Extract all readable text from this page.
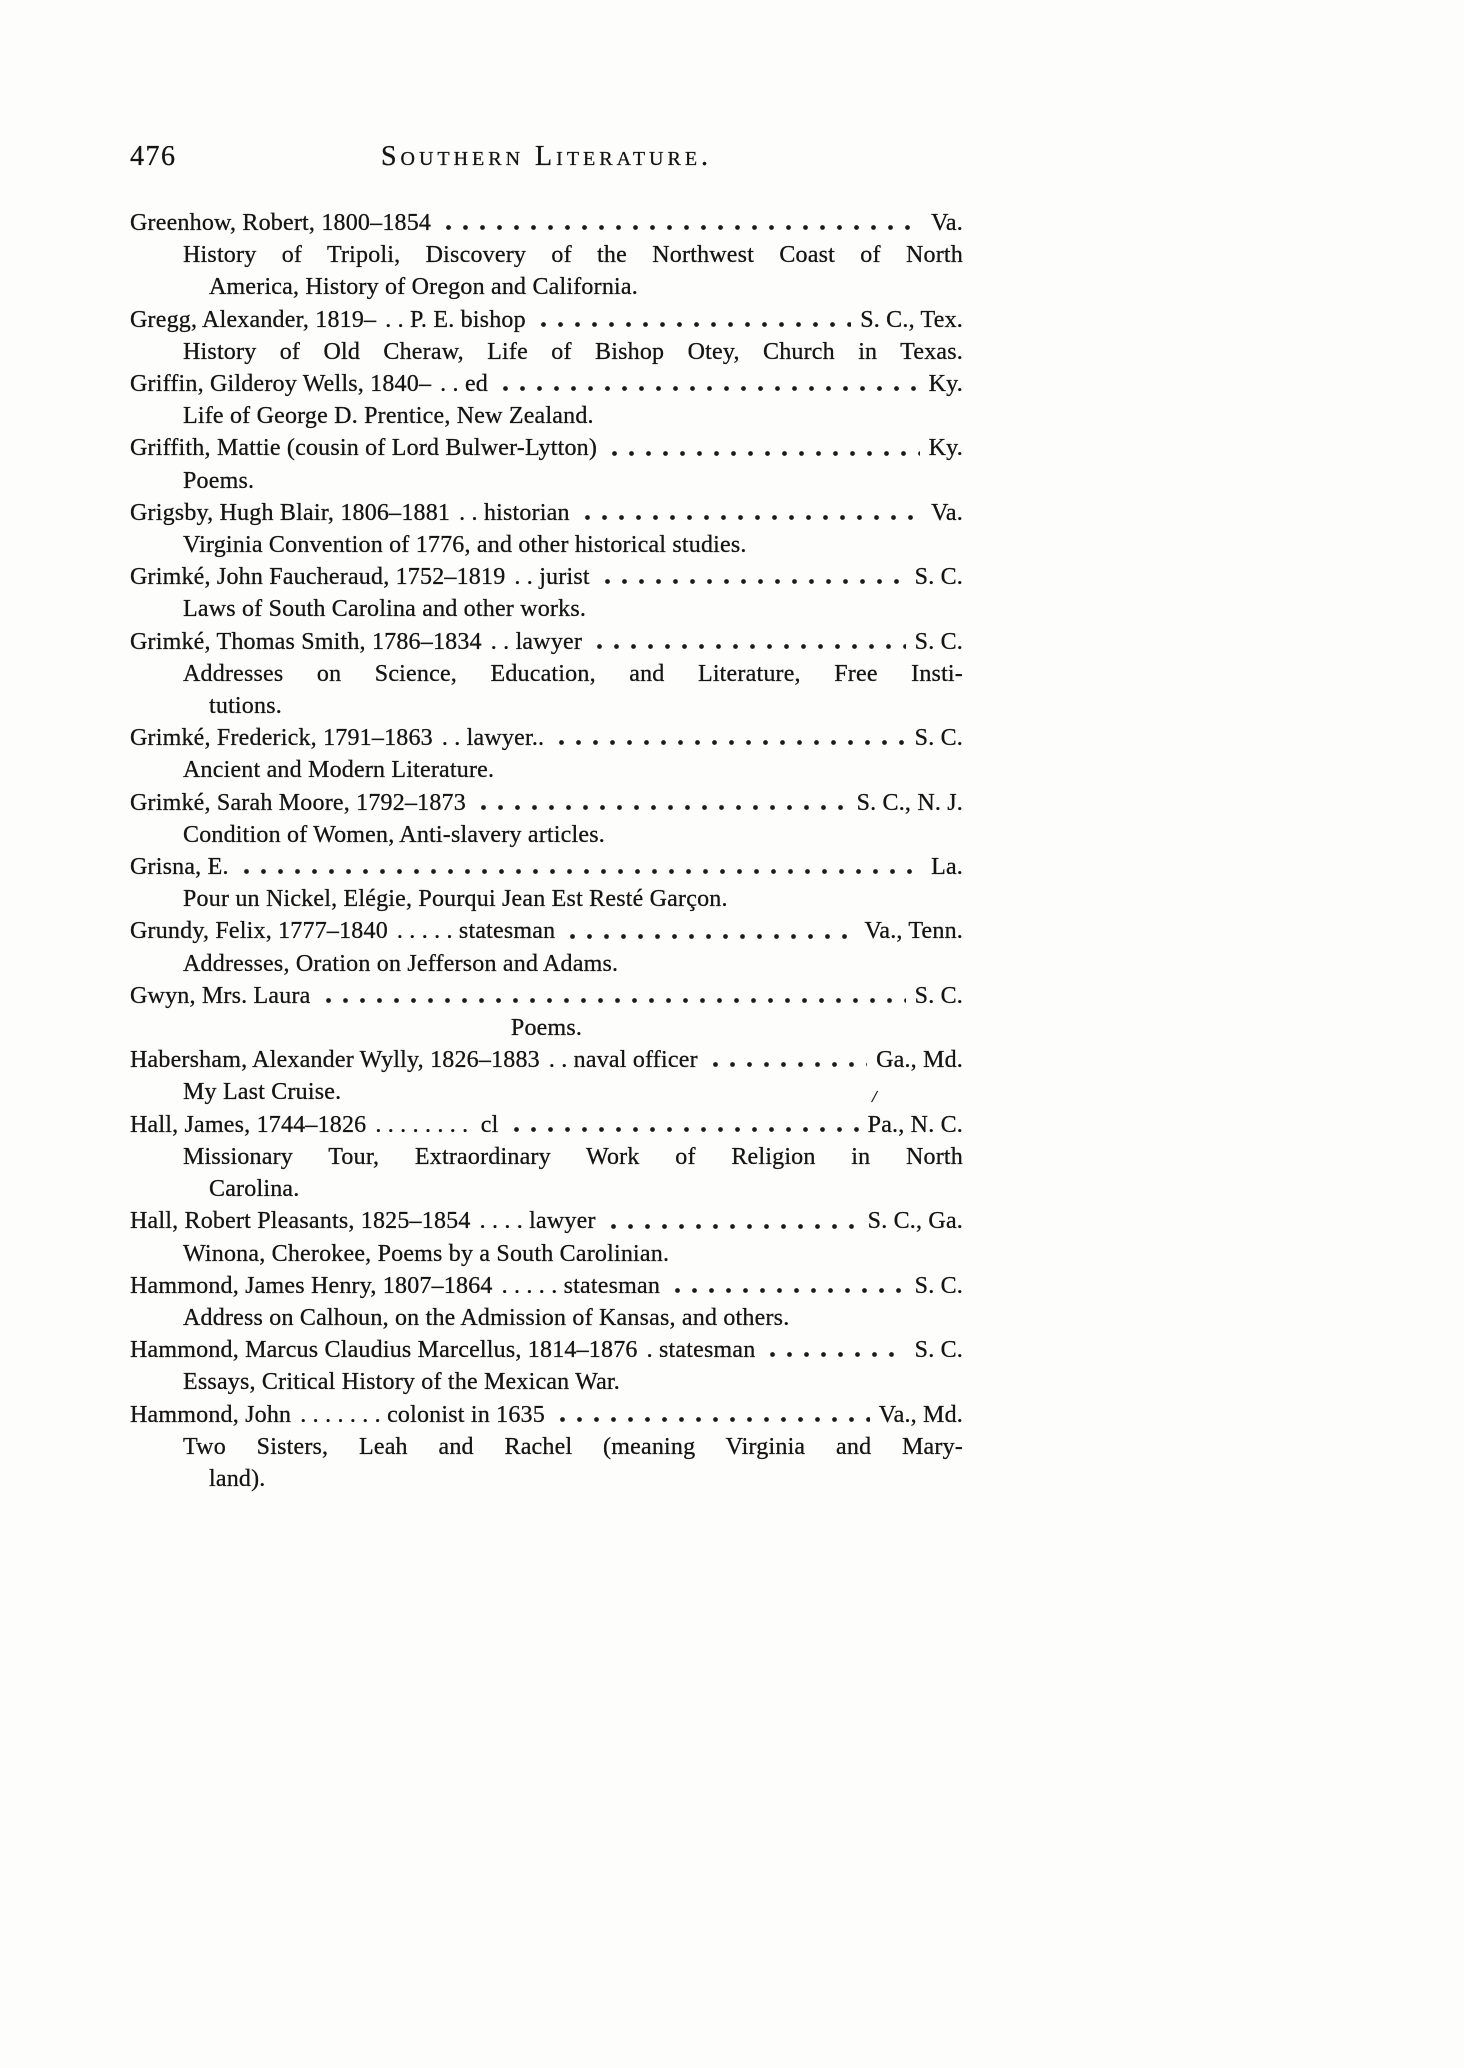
476	Southern Literature.

Greenhow, Robert, 1800–1854	Va.

History of Tripoli, Discovery of the Northwest Coast of North

America, History of Oregon and California.

Gregg, Alexander, 1819– . . P. E. bishop	S. C., Tex.

History of Old Cheraw, Life of Bishop Otey, Church in Texas.

Griffin, Gilderoy Wells, 1840– . . ed	Ky.

Life of George D. Prentice, New Zealand.

Griffith, Mattie (cousin of Lord Bulwer-Lytton)	Ky.

Poems.

Grigsby, Hugh Blair, 1806–1881 . . historian	Va.

Virginia Convention of 1776, and other historical studies.

Grimké, John Faucheraud, 1752–1819 . . jurist	S. C.

Laws of South Carolina and other works.

Grimké, Thomas Smith, 1786–1834 . . lawyer	S. C.

Addresses on Science, Education, and Literature, Free Insti-

tutions.

Grimké, Frederick, 1791–1863 . . lawyer..	S. C.

Ancient and Modern Literature.

Grimké, Sarah Moore, 1792–1873	S. C., N. J.

Condition of Women, Anti-slavery articles.

Grisna, E.	La.

Pour un Nickel, Elégie, Pourqui Jean Est Resté Garçon.

Grundy, Felix, 1777–1840 . . . . . statesman	Va., Tenn.

Addresses, Oration on Jefferson and Adams.

Gwyn, Mrs. Laura	S. C.

Poems.

Habersham, Alexander Wylly, 1826–1883 . . naval officer	Ga., Md.

My Last Cruise.

Hall, James, 1744–1826 . . . . . . . .  cl	Pa., N. C.

Missionary Tour, Extraordinary Work of Religion in North

Carolina.

Hall, Robert Pleasants, 1825–1854 . . . . lawyer	S. C., Ga.

Winona, Cherokee, Poems by a South Carolinian.

Hammond, James Henry, 1807–1864 . . . . . statesman	S. C.

Address on Calhoun, on the Admission of Kansas, and others.

Hammond, Marcus Claudius Marcellus, 1814–1876 . statesman	S. C.

Essays, Critical History of the Mexican War.

Hammond, John . . . . . . . colonist in 1635	Va., Md.

Two Sisters, Leah and Rachel (meaning Virginia and Mary-

land).

/
